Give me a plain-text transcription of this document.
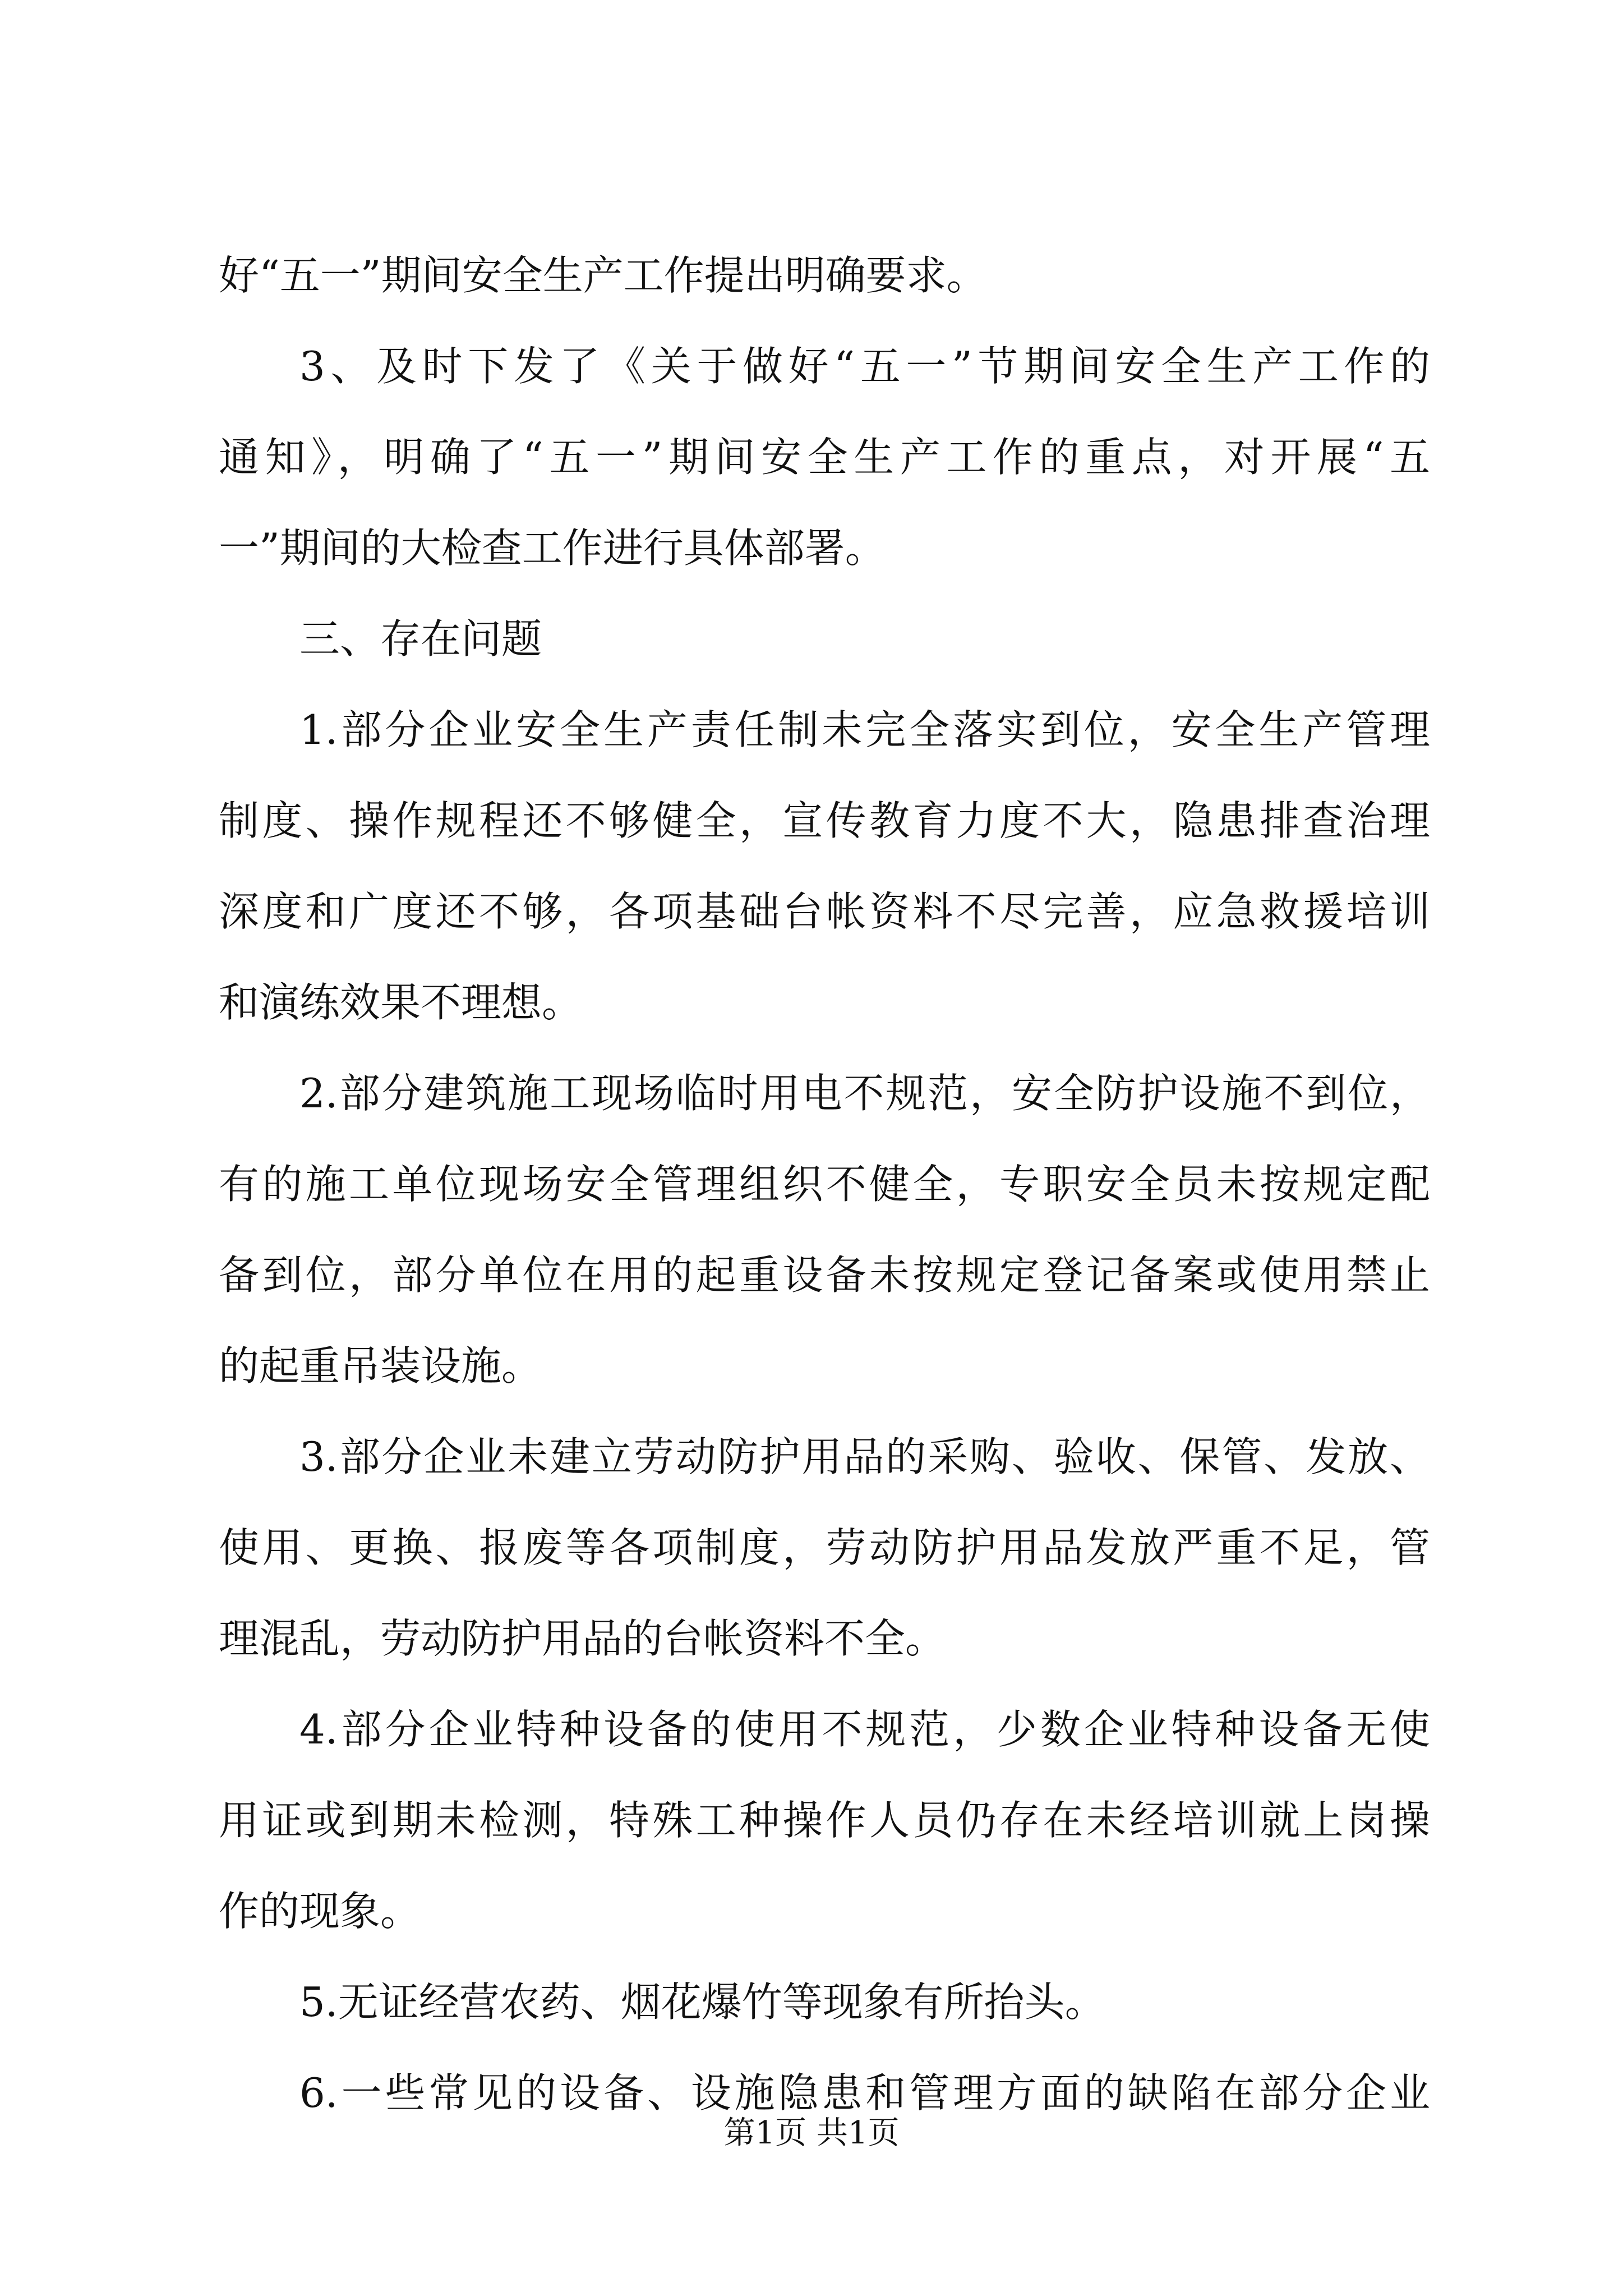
好“五一”期间安全生产工作提出明确要求。
3、及时下发了《关于做好“五一”节期间安全生产工作的
通知》，明确了“五一”期间安全生产工作的重点，对开展“五
一”期间的大检查工作进行具体部署。
三、存在问题
1.部分企业安全生产责任制未完全落实到位，安全生产管理
制度、操作规程还不够健全，宣传教育力度不大，隐患排查治理
深度和广度还不够，各项基础台帐资料不尽完善，应急救援培训
和演练效果不理想。
2.部分建筑施工现场临时用电不规范，安全防护设施不到位，
有的施工单位现场安全管理组织不健全，专职安全员未按规定配
备到位，部分单位在用的起重设备未按规定登记备案或使用禁止
的起重吊装设施。
3.部分企业未建立劳动防护用品的采购、验收、保管、发放、
使用、更换、报废等各项制度，劳动防护用品发放严重不足，管
理混乱，劳动防护用品的台帐资料不全。
4.部分企业特种设备的使用不规范，少数企业特种设备无使
用证或到期未检测，特殊工种操作人员仍存在未经培训就上岗操
作的现象。
5.无证经营农药、烟花爆竹等现象有所抬头。
6.一些常见的设备、设施隐患和管理方面的缺陷在部分企业
第1页 共1页
